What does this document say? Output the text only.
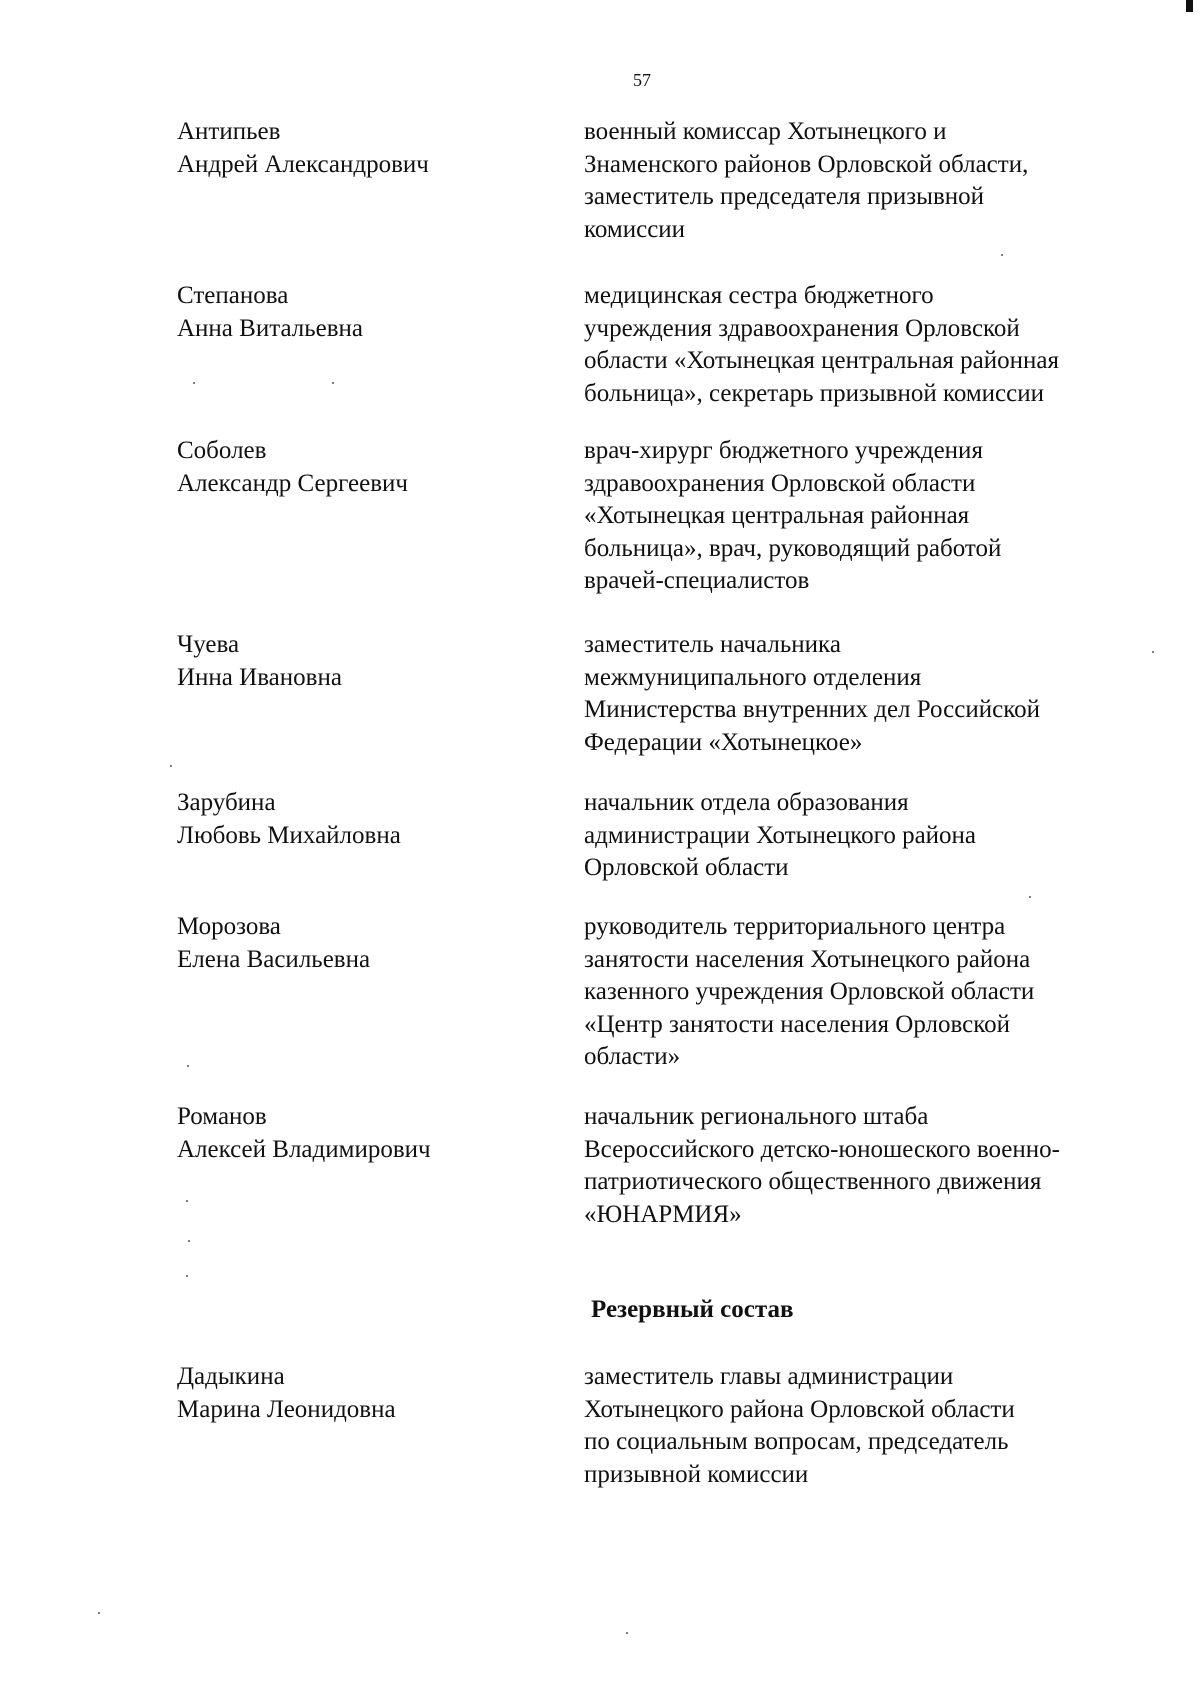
57
Антипьев
Андрей Александрович
военный комиссар Хотынецкого и
Знаменского районов Орловской области,
заместитель председателя призывной
комиссии
Степанова
Анна Витальевна
медицинская сестра бюджетного
учреждения здравоохранения Орловской
области «Хотынецкая центральная районная
больница», секретарь призывной комиссии
Соболев
Александр Сергеевич
врач-хирург бюджетного учреждения
здравоохранения Орловской области
«Хотынецкая центральная районная
больница», врач, руководящий работой
врачей-специалистов
Чуева
Инна Ивановна
заместитель начальника
межмуниципального отделения
Министерства внутренних дел Российской
Федерации «Хотынецкое»
Зарубина
Любовь Михайловна
начальник отдела образования
администрации Хотынецкого района
Орловской области
Морозова
Елена Васильевна
руководитель территориального центра
занятости населения Хотынецкого района
казенного учреждения Орловской области
«Центр занятости населения Орловской
области»
Романов
Алексей Владимирович
начальник регионального штаба
Всероссийского детско-юношеского военно-
патриотического общественного движения
«ЮНАРМИЯ»
Резервный состав
Дадыкина
Марина Леонидовна
заместитель главы администрации
Хотынецкого района Орловской области
по социальным вопросам, председатель
призывной комиссии
